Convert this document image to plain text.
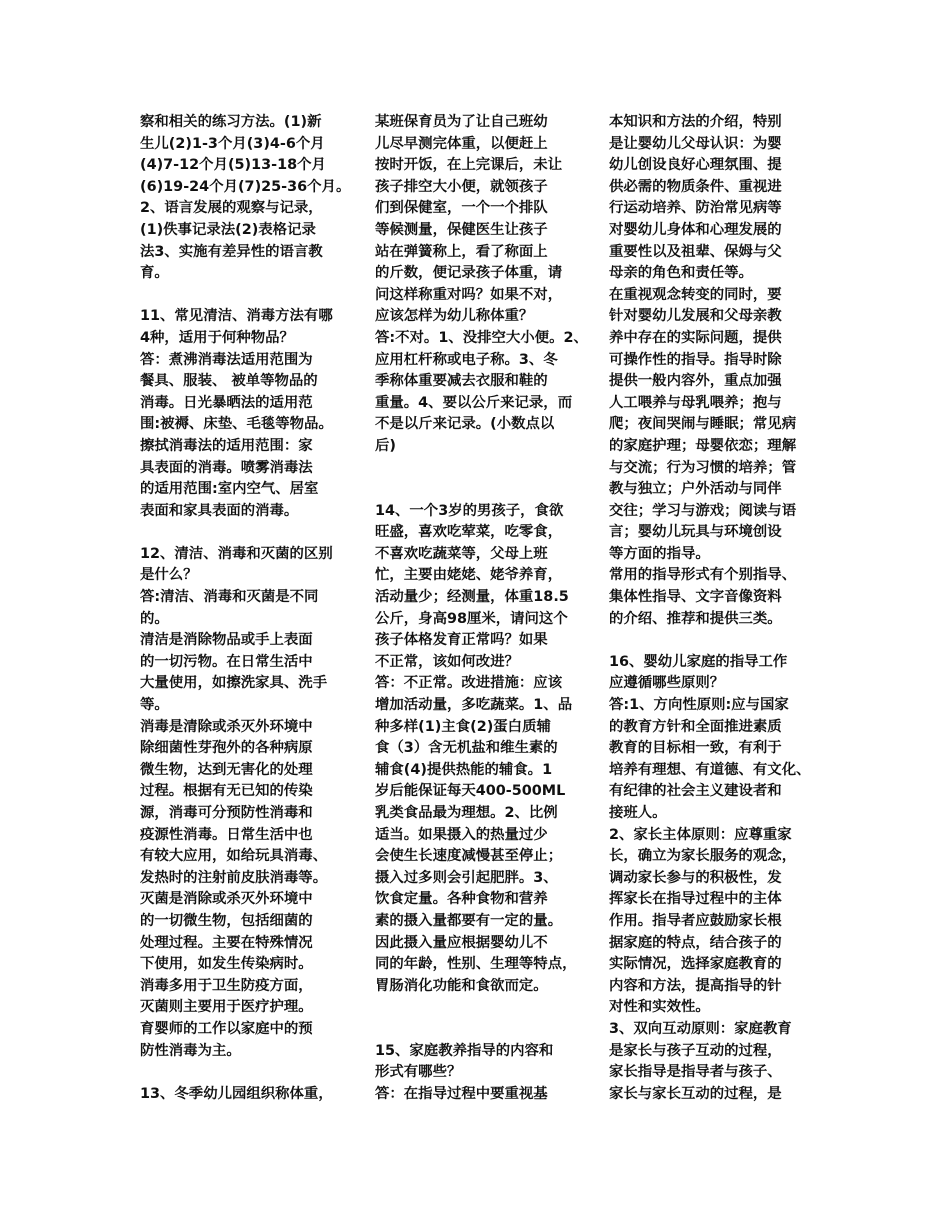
察和相关的练习方法。(1)新

生儿(2)1-3个月(3)4-6个月

(4)7-12个月(5)13-18个月

(6)19-24个月(7)25-36个月。

2、语言发展的观察与记录，

(1)佚事记录法(2)表格记录

法3、实施有差异性的语言教

育。

11、常见清洁、消毒方法有哪

4种，适用于何种物品？

答：煮沸消毒法适用范围为

餐具、服装、 被单等物品的

消毒。日光暴晒法的适用范

围:被褥、床垫、毛毯等物品。

擦拭消毒法的适用范围：家

具表面的消毒。喷雾消毒法

的适用范围:室内空气、居室

表面和家具表面的消毒。

12、清洁、消毒和灭菌的区别

是什么？

答:清洁、消毒和灭菌是不同

的。

清洁是消除物品或手上表面

的一切污物。在日常生活中

大量使用，如擦洗家具、洗手

等。

消毒是清除或杀灭外环境中

除细菌性芽孢外的各种病原

微生物，达到无害化的处理

过程。根据有无已知的传染

源，消毒可分预防性消毒和

疫源性消毒。日常生活中也

有较大应用，如给玩具消毒、

发热时的注射前皮肤消毒等。

灭菌是消除或杀灭外环境中

的一切微生物，包括细菌的

处理过程。主要在特殊情况

下使用，如发生传染病时。

消毒多用于卫生防疫方面，

灭菌则主要用于医疗护理。

育婴师的工作以家庭中的预

防性消毒为主。

13、冬季幼儿园组织称体重，

某班保育员为了让自己班幼

儿尽早测完体重，以便赶上

按时开饭，在上完课后，未让

孩子排空大小便，就领孩子

们到保健室，一个一个排队

等候测量，保健医生让孩子

站在弹簧称上，看了称面上

的斤数，便记录孩子体重，请

问这样称重对吗？如果不对，

应该怎样为幼儿称体重？

答:不对。1、没排空大小便。2、

应用杠杆称或电子称。3、冬

季称体重要减去衣服和鞋的

重量。4、要以公斤来记录，而

不是以斤来记录。(小数点以

后)

14、一个3岁的男孩子，食欲

旺盛，喜欢吃荤菜，吃零食，

不喜欢吃蔬菜等，父母上班

忙，主要由姥姥、姥爷养育，

活动量少；经测量，体重18.5

公斤，身高98厘米，请问这个

孩子体格发育正常吗？如果

不正常，该如何改进？

答：不正常。改进措施：应该

增加活动量，多吃蔬菜。1、品

种多样(1)主食(2)蛋白质辅

食（3）含无机盐和维生素的

辅食(4)提供热能的辅食。1

岁后能保证每天400-500ML

乳类食品最为理想。2、比例

适当。如果摄入的热量过少

会使生长速度减慢甚至停止；

摄入过多则会引起肥胖。3、

饮食定量。各种食物和营养

素的摄入量都要有一定的量。

因此摄入量应根据婴幼儿不

同的年龄，性别、生理等特点，

胃肠消化功能和食欲而定。

15、家庭教养指导的内容和

形式有哪些？

答：在指导过程中要重视基

本知识和方法的介绍，特别

是让婴幼儿父母认识：为婴

幼儿创设良好心理氛围、提

供必需的物质条件、重视进

行运动培养、防治常见病等

对婴幼儿身体和心理发展的

重要性以及祖辈、保姆与父

母亲的角色和责任等。

在重视观念转变的同时，要

针对婴幼儿发展和父母亲教

养中存在的实际问题，提供

可操作性的指导。指导时除

提供一般内容外，重点加强

人工喂养与母乳喂养；抱与

爬；夜间哭闹与睡眠；常见病

的家庭护理；母婴依恋；理解

与交流；行为习惯的培养；管

教与独立；户外活动与同伴

交往；学习与游戏；阅读与语

言；婴幼儿玩具与环境创设

等方面的指导。

常用的指导形式有个别指导、

集体性指导、文字音像资料

的介绍、推荐和提供三类。

16、婴幼儿家庭的指导工作

应遵循哪些原则？

答:1、方向性原则:应与国家

的教育方针和全面推进素质

教育的目标相一致，有利于

培养有理想、有道德、有文化、

有纪律的社会主义建设者和

接班人。

2、家长主体原则：应尊重家

长，确立为家长服务的观念，

调动家长参与的积极性，发

挥家长在指导过程中的主体

作用。指导者应鼓励家长根

据家庭的特点，结合孩子的

实际情况，选择家庭教育的

内容和方法，提高指导的针

对性和实效性。

3、双向互动原则：家庭教育

是家长与孩子互动的过程，

家长指导是指导者与孩子、

家长与家长互动的过程，是
